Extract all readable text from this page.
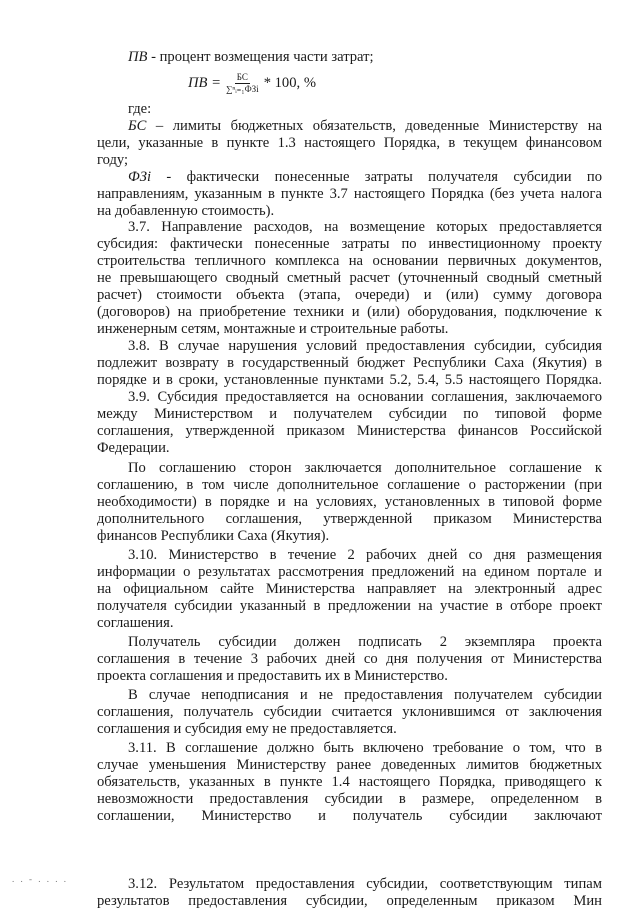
ПВ - процент возмещения части затрат;
ПВ = $\frac{БС}{\text{∑ⁿᵢ₌₁ФЗi}} * 100$, %
где:
БС – лимиты бюджетных обязательств, доведенные Министерству на
цели, указанные в пункте 1.3 настоящего Порядка, в текущем финансовом
году;
ФЗi - фактически понесенные затраты получателя субсидии по
направлениям, указанным в пункте 3.7 настоящего Порядка (без учета налога
на добавленную стоимость).
3.7. Направление расходов, на возмещение которых предоставляется
субсидия: фактически понесенные затраты по инвестиционному проекту
строительства тепличного комплекса на основании первичных документов,
не превышающего сводный сметный расчет (уточненный сводный сметный
расчет) стоимости объекта (этапа, очереди) и (или) сумму договора
(договоров) на приобретение техники и (или) оборудования, подключение к
инженерным сетям, монтажные и строительные работы.
3.8. В случае нарушения условий предоставления субсидии, субсидия
подлежит возврату в государственный бюджет Республики Саха (Якутия) в
порядке и в сроки, установленные пунктами 5.2, 5.4, 5.5 настоящего Порядка.
3.9. Субсидия предоставляется на основании соглашения, заключаемого
между Министерством и получателем субсидии по типовой форме
соглашения, утвержденной приказом Министерства финансов Российской
Федерации.
По соглашению сторон заключается дополнительное соглашение к
соглашению, в том числе дополнительное соглашение о расторжении (при
необходимости) в порядке и на условиях, установленных в типовой форме
дополнительного соглашения, утвержденной приказом Министерства
финансов Республики Саха (Якутия).
3.10. Министерство в течение 2 рабочих дней со дня размещения
информации о результатах рассмотрения предложений на едином портале и
на официальном сайте Министерства направляет на электронный адрес
получателя субсидии указанный в предложении на участие в отборе проект
соглашения.
Получатель субсидии должен подписать 2 экземпляра проекта
соглашения в течение 3 рабочих дней со дня получения от Министерства
проекта соглашения и предоставить их в Министерство.
В случае неподписания и не предоставления получателем субсидии
соглашения, получатель субсидии считается уклонившимся от заключения
соглашения и субсидия ему не предоставляется.
3.11. В соглашение должно быть включено требование о том, что в
случае уменьшения Министерству ранее доведенных лимитов бюджетных
обязательств, указанных в пункте 1.4 настоящего Порядка, приводящего к
невозможности предоставления субсидии в размере, определенном в
соглашении, Министерство и получатель субсидии заключают
. . - . . . .	3.12. Результатом предоставления субсидии, соответствующим типам
результатов предоставления субсидии, определенным приказом Мин
